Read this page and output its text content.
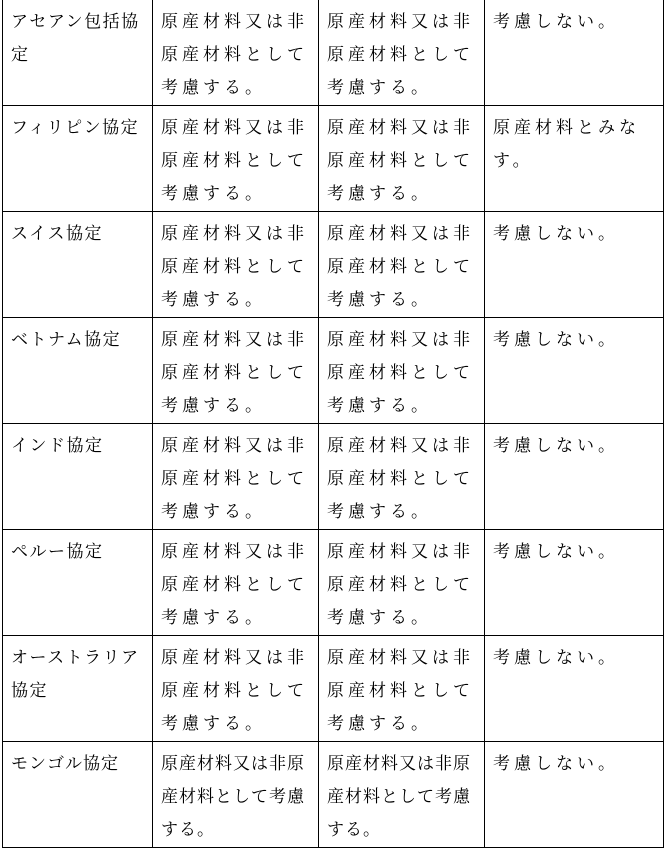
アセアン包括協定	原産材料又は非原産材料として考慮する。	原産材料又は非原産材料として考慮する。	考慮しない。
フィリピン協定	原産材料又は非原産材料として考慮する。	原産材料又は非原産材料として考慮する。	原産材料とみなす。
スイス協定	原産材料又は非原産材料として考慮する。	原産材料又は非原産材料として考慮する。	考慮しない。
ベトナム協定	原産材料又は非原産材料として考慮する。	原産材料又は非原産材料として考慮する。	考慮しない。
インド協定	原産材料又は非原産材料として考慮する。	原産材料又は非原産材料として考慮する。	考慮しない。
ペルー協定	原産材料又は非原産材料として考慮する。	原産材料又は非原産材料として考慮する。	考慮しない。
オーストラリア協定	原産材料又は非原産材料として考慮する。	原産材料又は非原産材料として考慮する。	考慮しない。
モンゴル協定	原産材料又は非原産材料として考慮する。	原産材料又は非原産材料として考慮する。	考慮しない。
